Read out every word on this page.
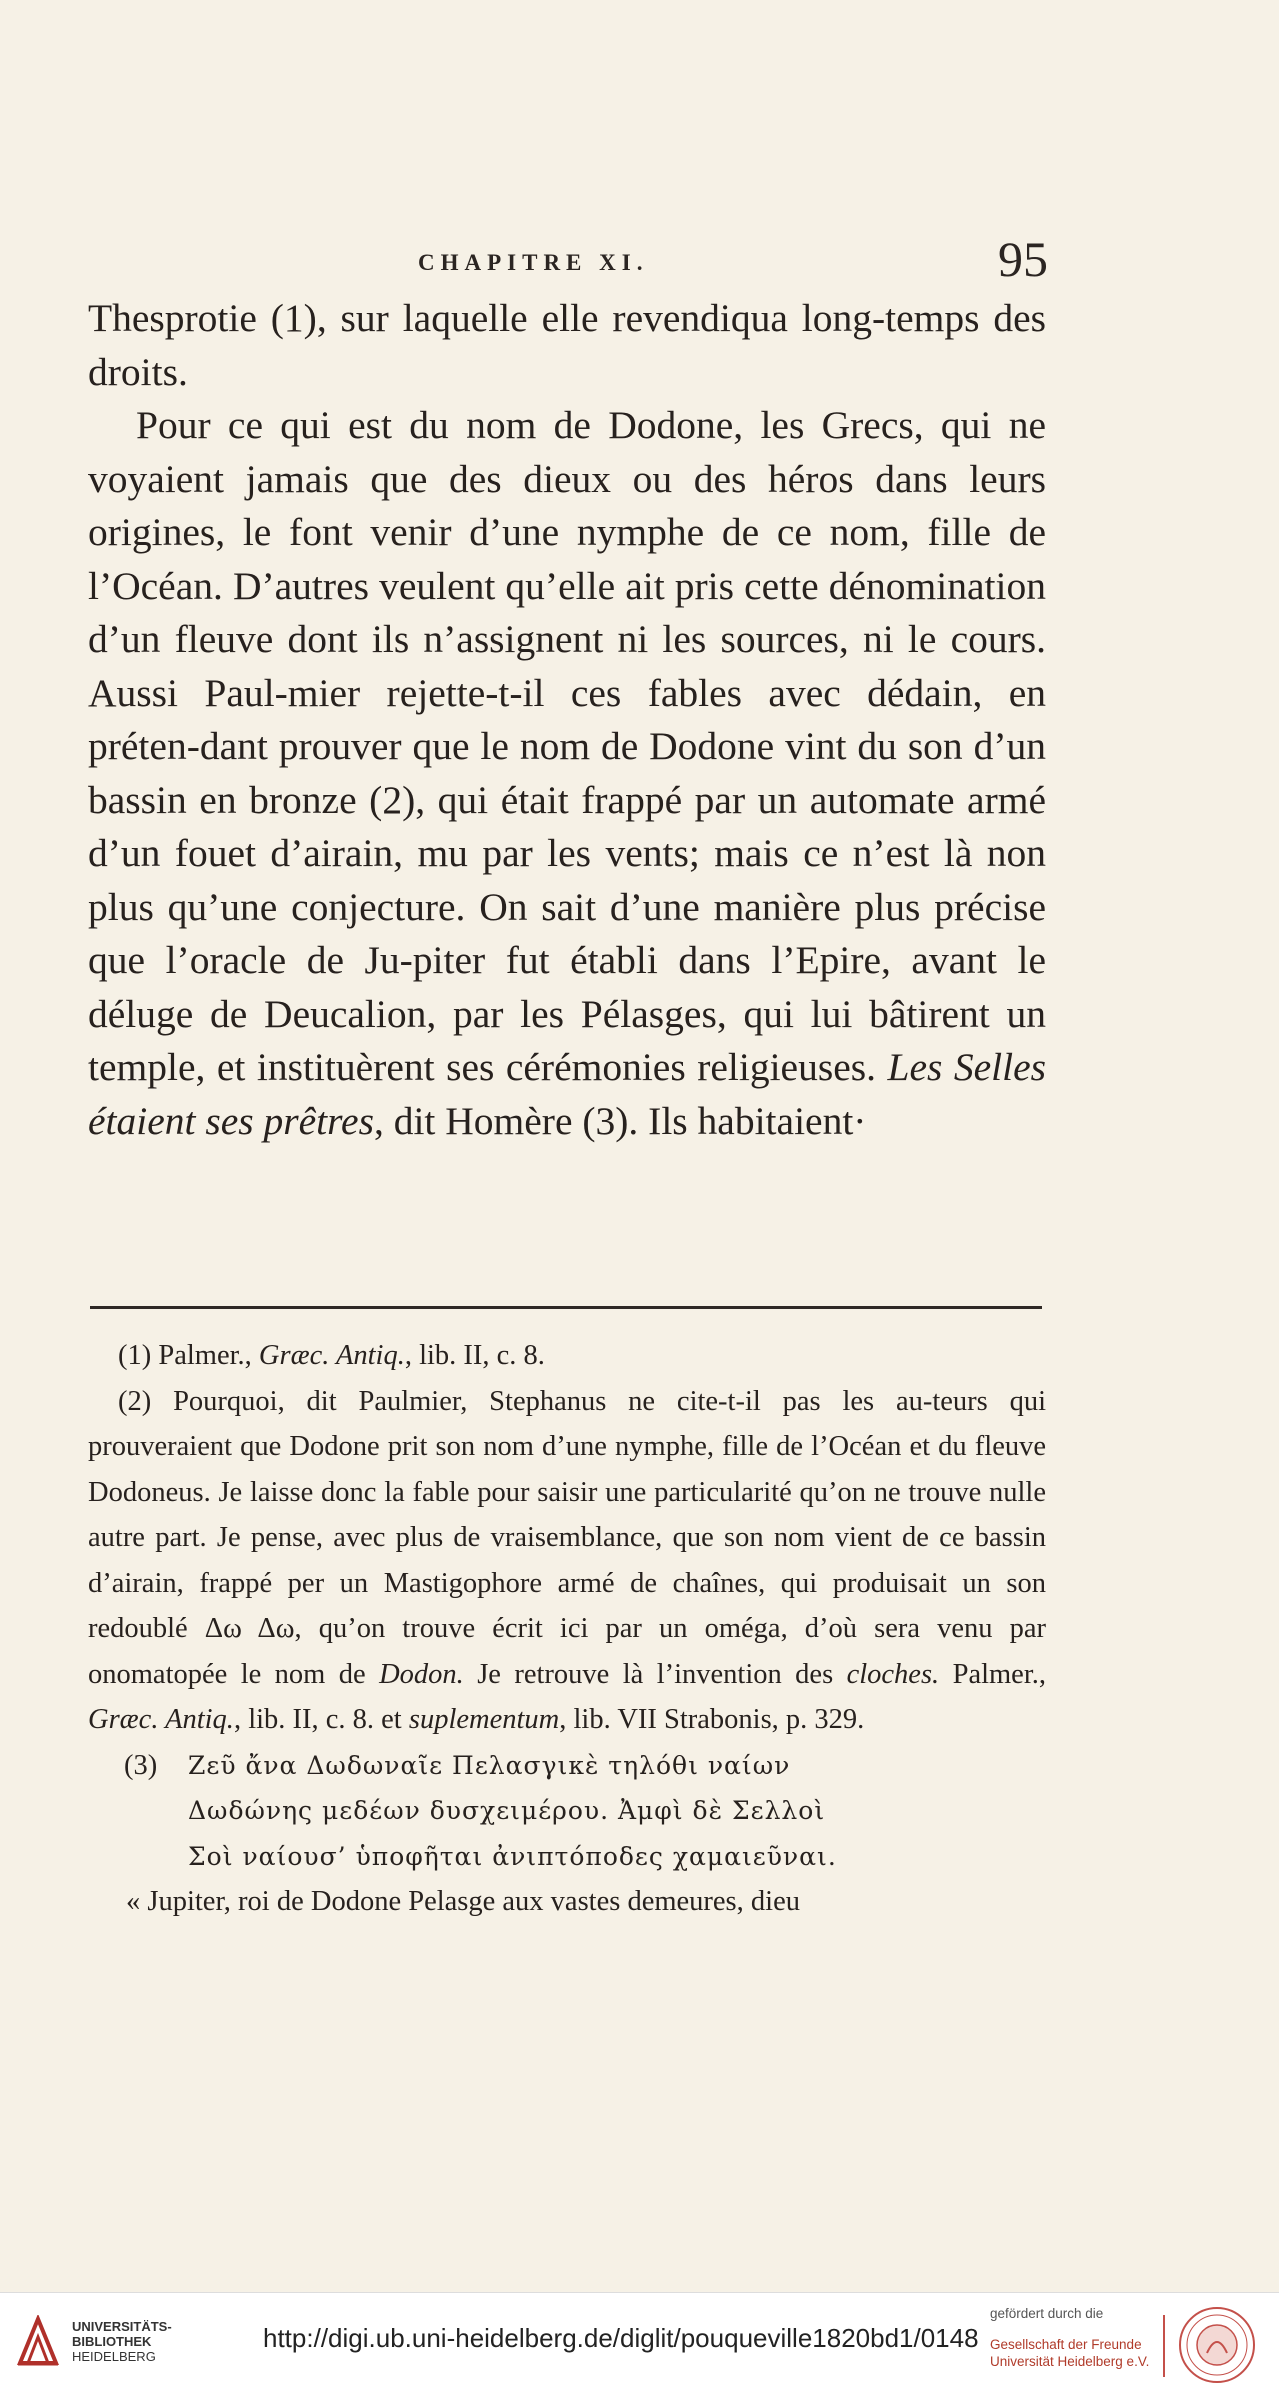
CHAPITRE XI.	95

Thesprotie (1), sur laquelle elle revendiqua long-temps des droits.

Pour ce qui est du nom de Dodone, les Grecs, qui ne voyaient jamais que des dieux ou des héros dans leurs origines, le font venir d’une nymphe de ce nom, fille de l’Océan. D’autres veulent qu’elle ait pris cette dénomination d’un fleuve dont ils n’assignent ni les sources, ni le cours. Aussi Paul-mier rejette-t-il ces fables avec dédain, en préten-dant prouver que le nom de Dodone vint du son d’un bassin en bronze (2), qui était frappé par un automate armé d’un fouet d’airain, mu par les vents; mais ce n’est là non plus qu’une conjecture. On sait d’une manière plus précise que l’oracle de Ju-piter fut établi dans l’Epire, avant le déluge de Deucalion, par les Pélasges, qui lui bâtirent un temple, et instituèrent ses cérémonies religieuses. Les Selles étaient ses prêtres, dit Homère (3). Ils habitaient·

(1) Palmer., Græc. Antiq., lib. II, c. 8.

(2) Pourquoi, dit Paulmier, Stephanus ne cite-t-il pas les au-teurs qui prouveraient que Dodone prit son nom d’une nymphe, fille de l’Océan et du fleuve Dodoneus. Je laisse donc la fable pour saisir une particularité qu’on ne trouve nulle autre part. Je pense, avec plus de vraisemblance, que son nom vient de ce bassin d’airain, frappé per un Mastigophore armé de chaînes, qui produisait un son redoublé Δω Δω, qu’on trouve écrit ici par un oméga, d’où sera venu par onomatopée le nom de Dodon. Je retrouve là l’invention des cloches. Palmer., Græc. Antiq., lib. II, c. 8. et suplementum, lib. VII Strabonis, p. 329.

(3)	Ζεῦ ἄνα Δωδωναῖε Πελασγικὲ τηλόθι ναίων
Δωδώνης μεδέων δυσχειμέρου. Ἀμφὶ δὲ Σελλοὶ
Σοὶ ναίουσ’ ὑποφῆται ἀνιπτόποδες χαμαιεῦναι.
« Jupiter, roi de Dodone Pelasge aux vastes demeures, dieu
UNIVERSITÄTS-
BIBLIOTHEK
HEIDELBERG
http://digi.ub.uni-heidelberg.de/diglit/pouqueville1820bd1/0148
gefördert durch die
Gesellschaft der Freunde
Universität Heidelberg e.V.
